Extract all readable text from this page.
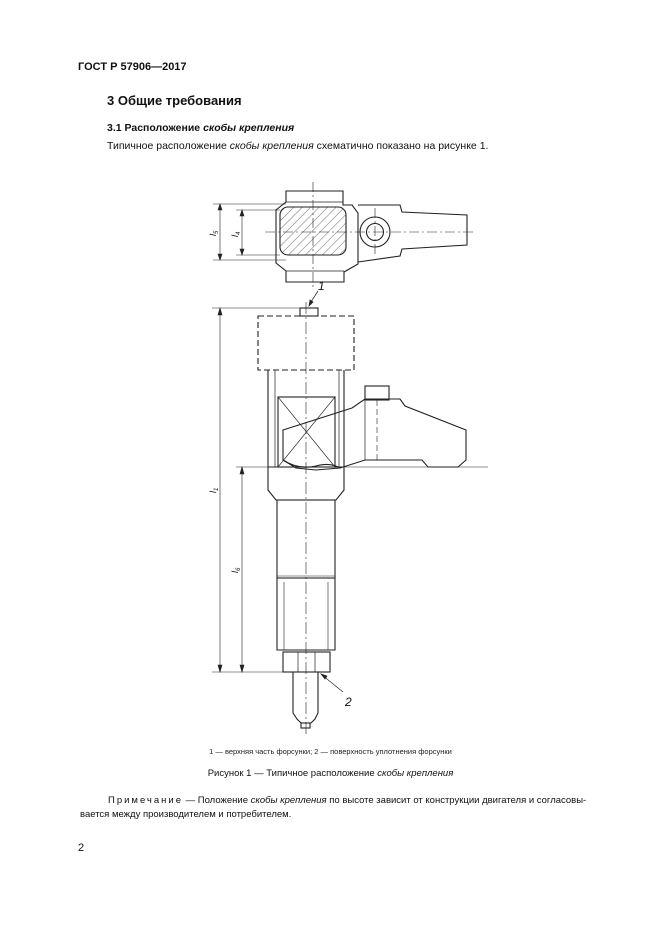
ГОСТ Р 57906—2017
3 Общие требования
3.1 Расположение скобы крепления
Типичное расположение скобы крепления схематично показано на рисунке 1.
1
2
$l_5$
$l_4$
$l_1$
$l_6$
1 — верхняя часть форсунки; 2 — поверхность уплотнения форсунки
Рисунок 1 — Типичное расположение скобы крепления
Примечание — Положение скобы крепления по высоте зависит от конструкции двигателя и согласовы-
вается между производителем и потребителем.
2
